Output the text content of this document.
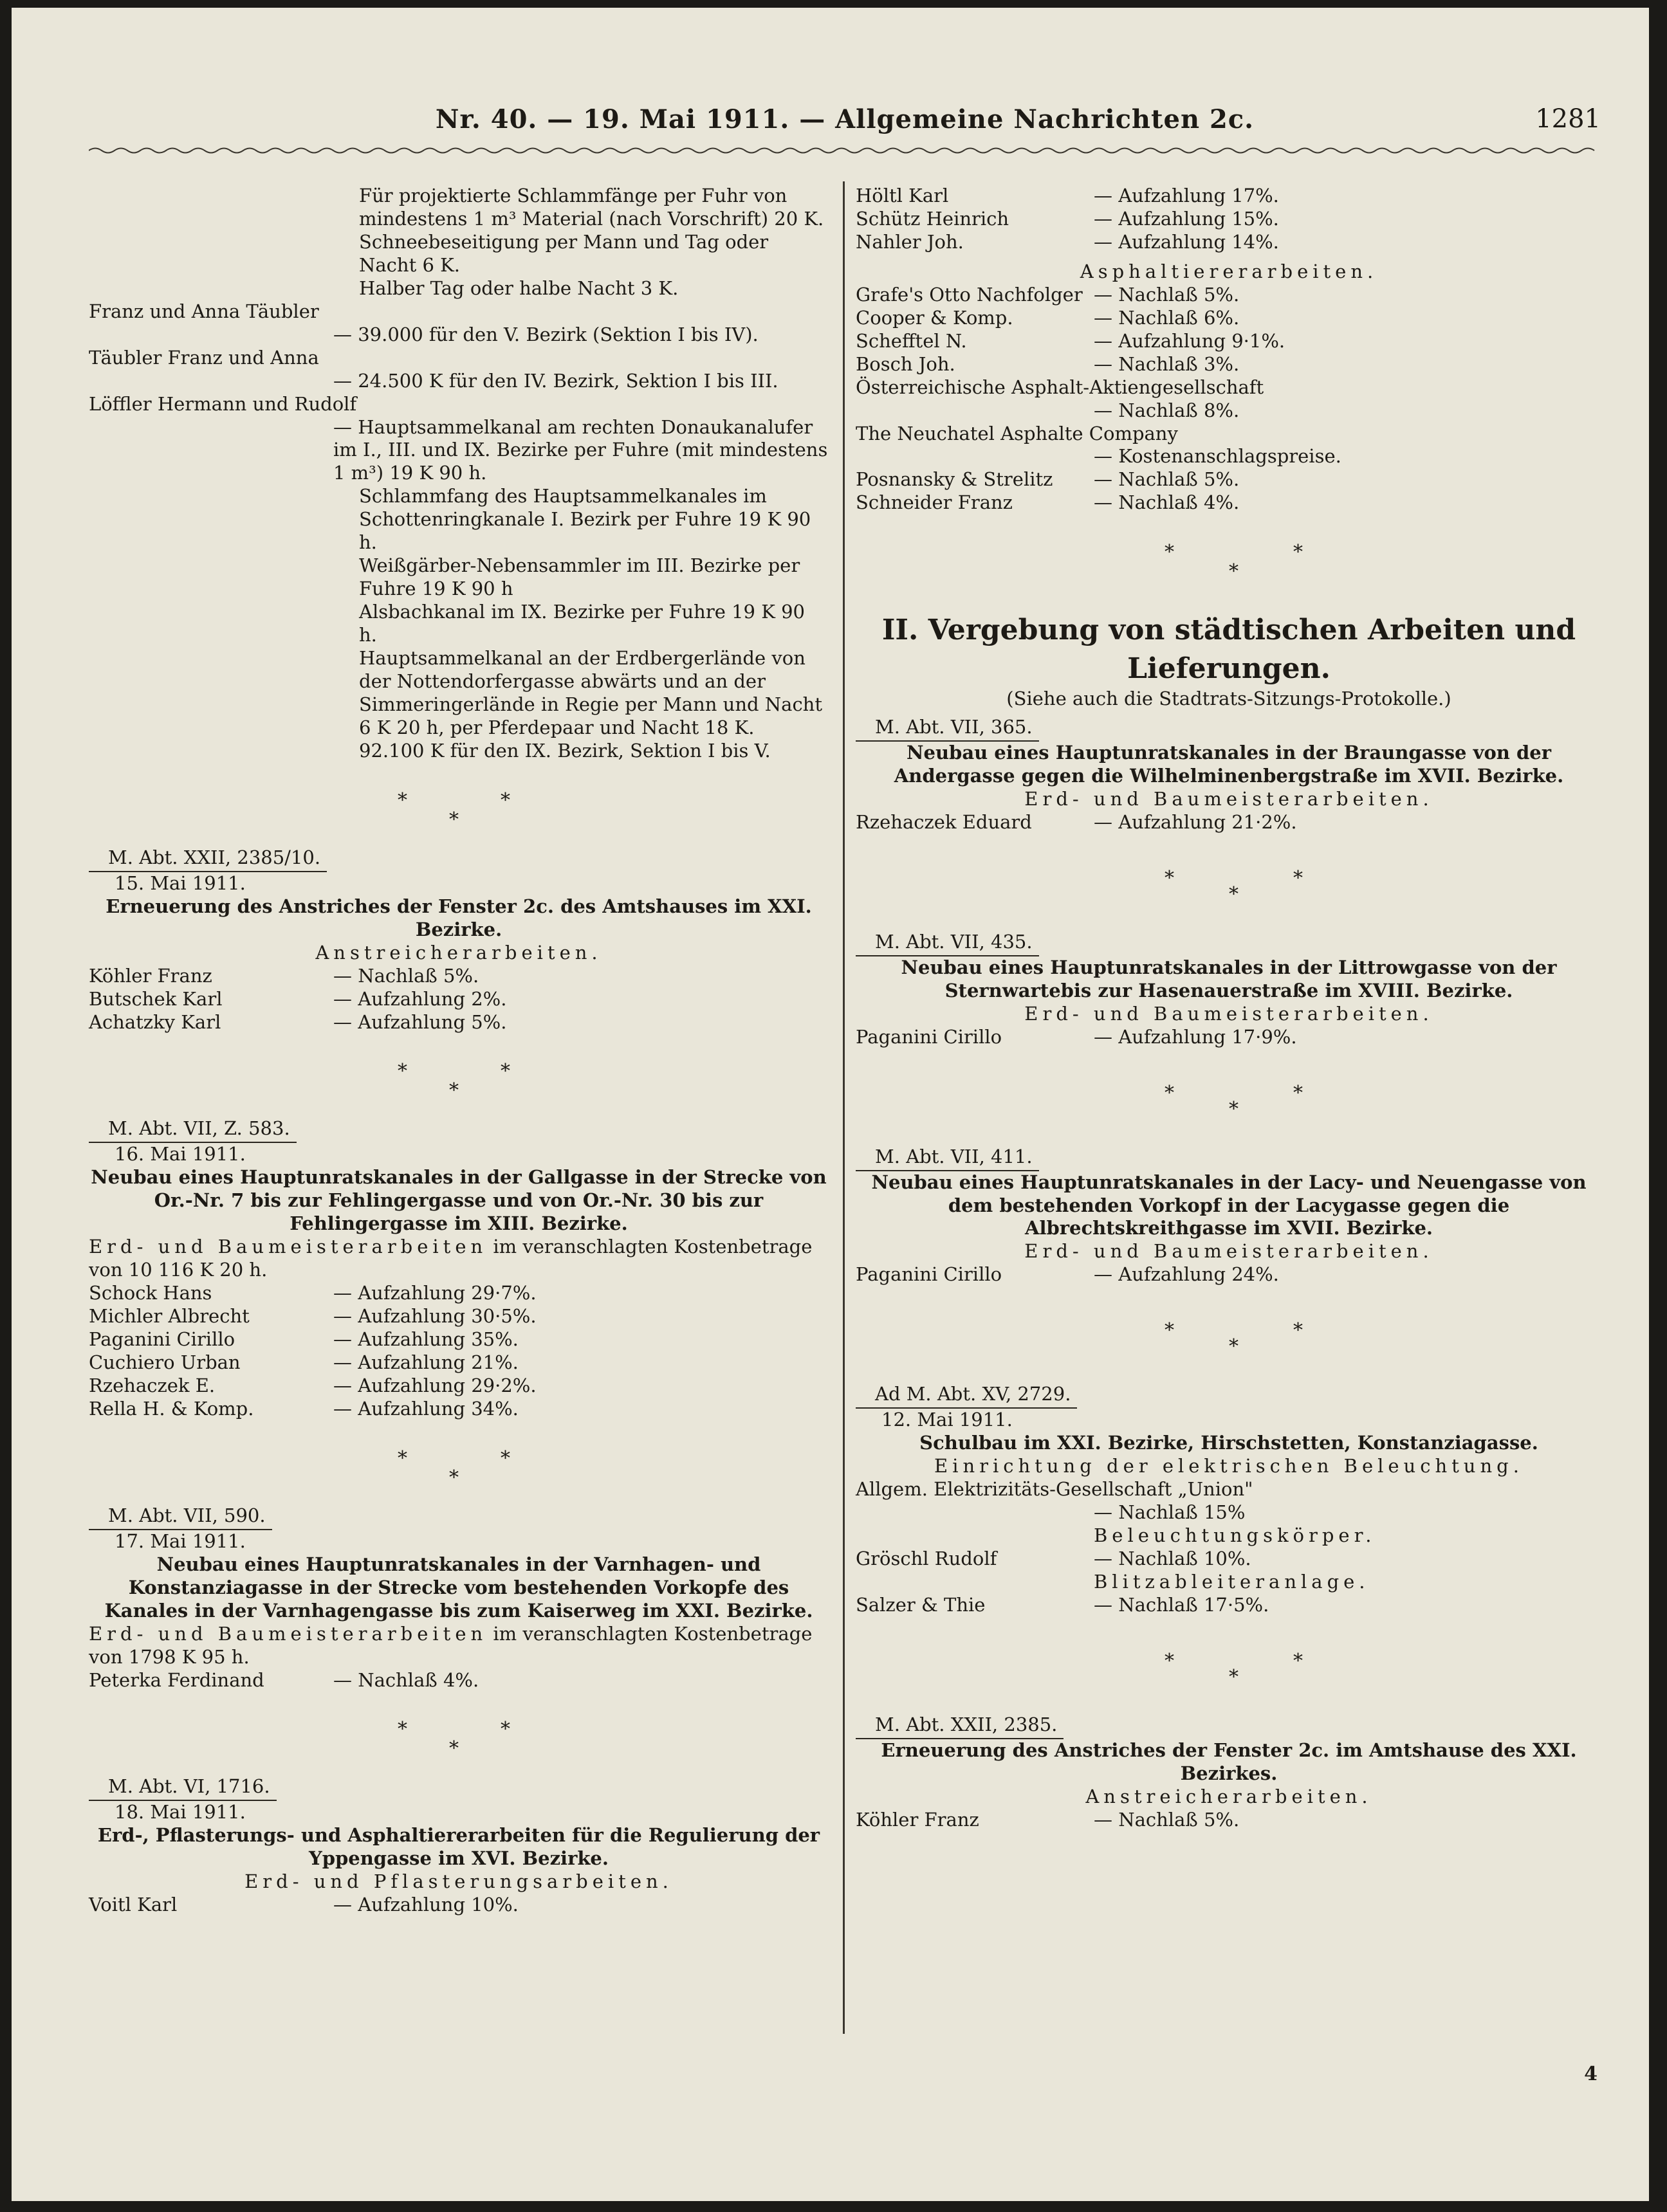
Nr. 40. — 19. Mai 1911. — Allgemeine Nachrichten 2c.	1281
Für projektierte Schlammfänge per Fuhr von mindestens 1 m³ Material (nach Vorschrift) 20 K.
Schneebeseitigung per Mann und Tag oder Nacht 6 K.
Halber Tag oder halbe Nacht 3 K.
Franz und Anna Täubler
— 39.000 für den V. Bezirk (Sektion I bis IV).
Täubler Franz und Anna
— 24.500 K für den IV. Bezirk, Sektion I bis III.
Löffler Hermann und Rudolf
— Hauptsammelkanal am rechten Donaukanalufer im I., III. und IX. Bezirke per Fuhre (mit mindestens 1 m³) 19 K 90 h.
Schlammfang des Hauptsammelkanales im Schottenringkanale I. Bezirk per Fuhre 19 K 90 h.
Weißgärber-Nebensammler im III. Bezirke per Fuhre 19 K 90 h
Alsbachkanal im IX. Bezirke per Fuhre 19 K 90 h.
Hauptsammelkanal an der Erdbergerlände von der Nottendorfergasse abwärts und an der Simmeringerlände in Regie per Mann und Nacht 6 K 20 h, per Pferdepaar und Nacht 18 K.
92.100 K für den IX. Bezirk, Sektion I bis V.
*
*
*
M. Abt. XXII, 2385/10.
15. Mai 1911.
Erneuerung des Anstriches der Fenster 2c. des Amtshauses im XXI. Bezirke.
Anstreicherarbeiten.
Köhler Franz	— Nachlaß 5%.
Butschek Karl	— Aufzahlung 2%.
Achatzky Karl	— Aufzahlung 5%.
*
*
*
M. Abt. VII, Z. 583.
16. Mai 1911.
Neubau eines Hauptunratskanales in der Gallgasse in der Strecke von Or.-Nr. 7 bis zur Fehlingergasse und von Or.-Nr. 30 bis zur Fehlingergasse im XIII. Bezirke.
Erd- und Baumeisterarbeiten im veranschlagten Kostenbetrage von 10 116 K 20 h.
Schock Hans	— Aufzahlung 29·7%.
Michler Albrecht	— Aufzahlung 30·5%.
Paganini Cirillo	— Aufzahlung 35%.
Cuchiero Urban	— Aufzahlung 21%.
Rzehaczek E.	— Aufzahlung 29·2%.
Rella H. & Komp.	— Aufzahlung 34%.
*
*
*
M. Abt. VII, 590.
17. Mai 1911.
Neubau eines Hauptunratskanales in der Varnhagen- und Konstanziagasse in der Strecke vom bestehenden Vorkopfe des Kanales in der Varnhagengasse bis zum Kaiserweg im XXI. Bezirke.
Erd- und Baumeisterarbeiten im veranschlagten Kostenbetrage von 1798 K 95 h.
Peterka Ferdinand	— Nachlaß 4%.
*
*
*
M. Abt. VI, 1716.
18. Mai 1911.
Erd-, Pflasterungs- und Asphaltiererarbeiten für die Regulierung der Yppengasse im XVI. Bezirke.
Erd- und Pflasterungsarbeiten.
Voitl Karl	— Aufzahlung 10%.
Höltl Karl	— Aufzahlung 17%.
Schütz Heinrich	— Aufzahlung 15%.
Nahler Joh.	— Aufzahlung 14%.
Asphaltiererarbeiten.
Grafe's Otto Nachfolger — Nachlaß 5%.
Cooper & Komp.	— Nachlaß 6%.
Schefftel N.	— Aufzahlung 9·1%.
Bosch Joh.	— Nachlaß 3%.
Österreichische Asphalt-Aktiengesellschaft
— Nachlaß 8%.
The Neuchatel Asphalte Company
— Kostenanschlagspreise.
Posnansky & Strelitz	— Nachlaß 5%.
Schneider Franz	— Nachlaß 4%.
*
*
*
II. Vergebung von städtischen Arbeiten und Lieferungen.
(Siehe auch die Stadtrats-Sitzungs-Protokolle.)
M. Abt. VII, 365.
Neubau eines Hauptunratskanales in der Braungasse von der Andergasse gegen die Wilhelminenbergstraße im XVII. Bezirke.
Erd- und Baumeisterarbeiten.
Rzehaczek Eduard	— Aufzahlung 21·2%.
*
*
*
M. Abt. VII, 435.
Neubau eines Hauptunratskanales in der Littrowgasse von der Sternwartebis zur Hasenauerstraße im XVIII. Bezirke.
Erd- und Baumeisterarbeiten.
Paganini Cirillo	— Aufzahlung 17·9%.
*
*
*
M. Abt. VII, 411.
Neubau eines Hauptunratskanales in der Lacy- und Neuengasse von dem bestehenden Vorkopf in der Lacygasse gegen die Albrechtskreithgasse im XVII. Bezirke.
Erd- und Baumeisterarbeiten.
Paganini Cirillo	— Aufzahlung 24%.
*
*
*
Ad M. Abt. XV, 2729.
12. Mai 1911.
Schulbau im XXI. Bezirke, Hirschstetten, Konstanziagasse.
Einrichtung der elektrischen Beleuchtung.
Allgem. Elektrizitäts-Gesellschaft „Union"
— Nachlaß 15%
Beleuchtungskörper.
Gröschl Rudolf	— Nachlaß 10%.
Blitzableiteranlage.
Salzer & Thie	— Nachlaß 17·5%.
*
*
*
M. Abt. XXII, 2385.
Erneuerung des Anstriches der Fenster 2c. im Amtshause des XXI. Bezirkes.
Anstreicherarbeiten.
Köhler Franz	— Nachlaß 5%.
4
